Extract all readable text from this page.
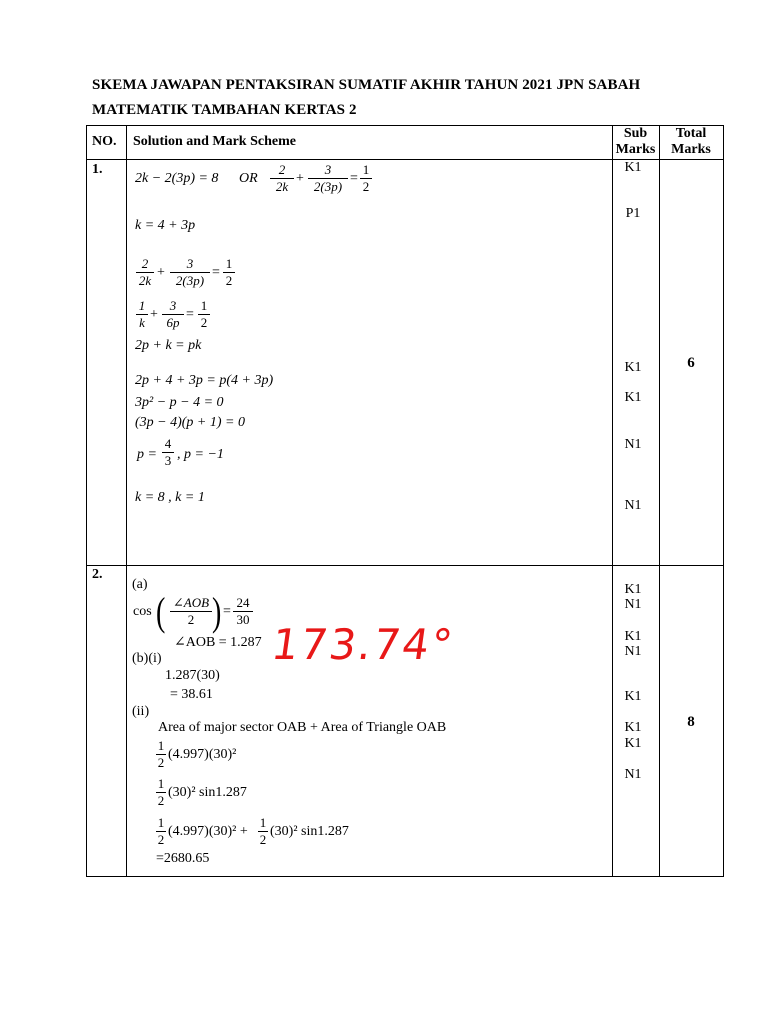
SKEMA JAWAPAN PENTAKSIRAN SUMATIF AKHIR TAHUN 2021 JPN SABAH
MATEMATIK TAMBAHAN KERTAS 2
NO. Solution and Mark Scheme
Sub
Marks
Total
Marks
1.
2k − 2(3p) = 8 OR
2
2k
+
3
2(3p)
=
1
2
k = 4 + 3p
2
2k
+
3
2(3p)
=
1
2
1
k
+
3
6p
=
1
2
2p + k = pk
2p + 4 + 3p = p(4 + 3p)
3p² − p − 4 = 0
(3p − 4)(p + 1) = 0
p =
4
3 , p = −1
k = 8 , k = 1
K1
P1
K1
K1
N1
N1
6
2.
(a)
cos ( ∠AOB
2 ) =
24
30
∠AOB = 1.287 173.74°
(b)(i)
1.287(30)
= 38.61
(ii)
Area of major sector OAB + Area of Triangle OAB
1
2
(4.997)(30)²
1
2
(30)² sin1.287
1
2
(4.997)(30)² +
1
2
(30)² sin1.287
=2680.65
K1
N1
K1
N1
K1
K1
K1
N1
8
